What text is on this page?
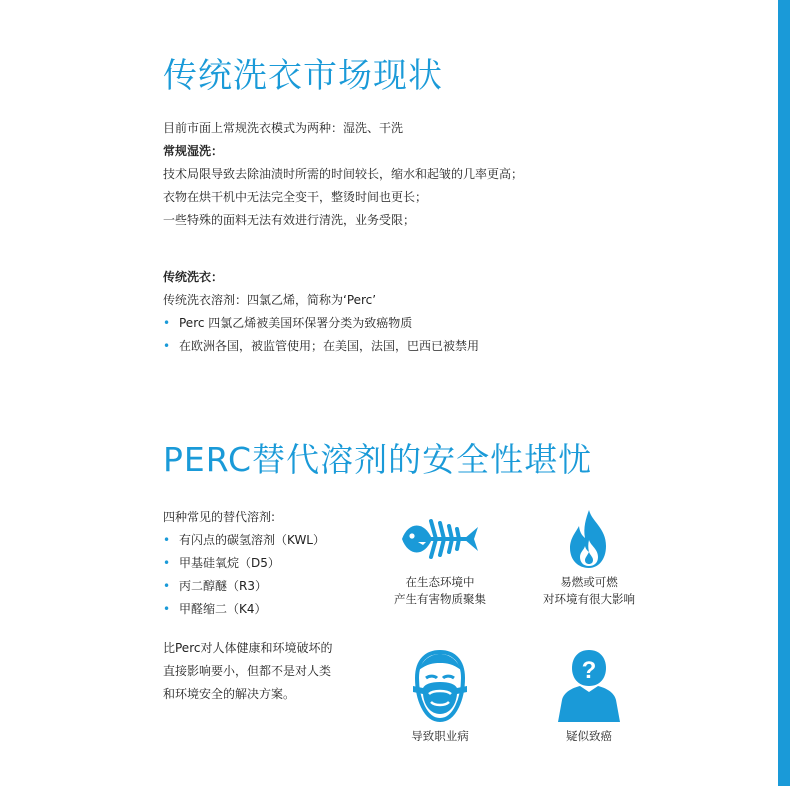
传统洗衣市场现状
目前市面上常规洗衣模式为两种：湿洗、干洗
常规湿洗：
技术局限导致去除油渍时所需的时间较长，缩水和起皱的几率更高；
衣物在烘干机中无法完全变干，整烫时间也更长；
一些特殊的面料无法有效进行清洗，业务受限；
传统洗衣：
传统洗衣溶剂：四氯乙烯，简称为‘Perc’
• Perc 四氯乙烯被美国环保署分类为致癌物质
• 在欧洲各国，被监管使用；在美国，法国，巴西已被禁用
PERC替代溶剂的安全性堪忧
四种常见的替代溶剂:
• 有闪点的碳氢溶剂（KWL）
• 甲基硅氧烷（D5）
• 丙二醇醚（R3）
• 甲醛缩二（K4）
比Perc对人体健康和环境破坏的
直接影响要小，但都不是对人类
和环境安全的解决方案。
在生态环境中
产生有害物质聚集
易燃或可燃
对环境有很大影响
导致职业病
?
疑似致癌
